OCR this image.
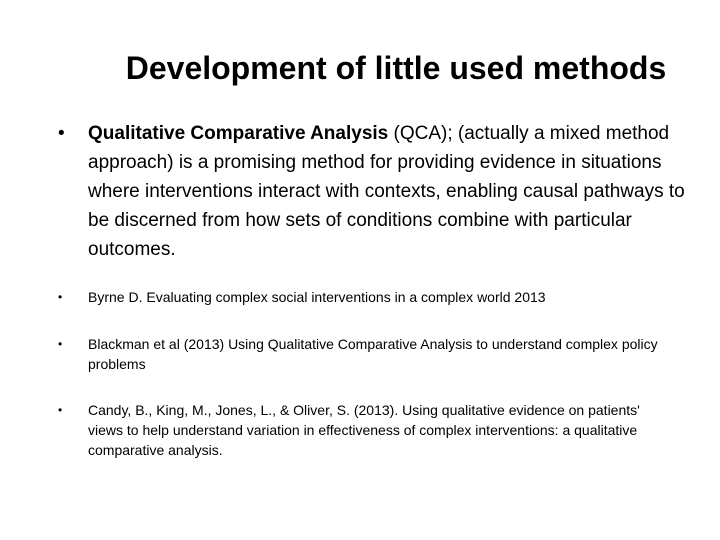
Development of little used methods
•	Qualitative Comparative Analysis (QCA); (actually a mixed method approach) is a promising method for providing evidence in situations where interventions interact with contexts, enabling causal pathways to be discerned from how sets of conditions combine with particular outcomes.
• Byrne D. Evaluating complex social interventions in a complex world 2013
• Blackman et al (2013) Using Qualitative Comparative Analysis to understand complex policy problems
• Candy, B., King, M., Jones, L., & Oliver, S. (2013). Using qualitative evidence on patients' views to help understand variation in effectiveness of complex interventions: a qualitative comparative analysis.
